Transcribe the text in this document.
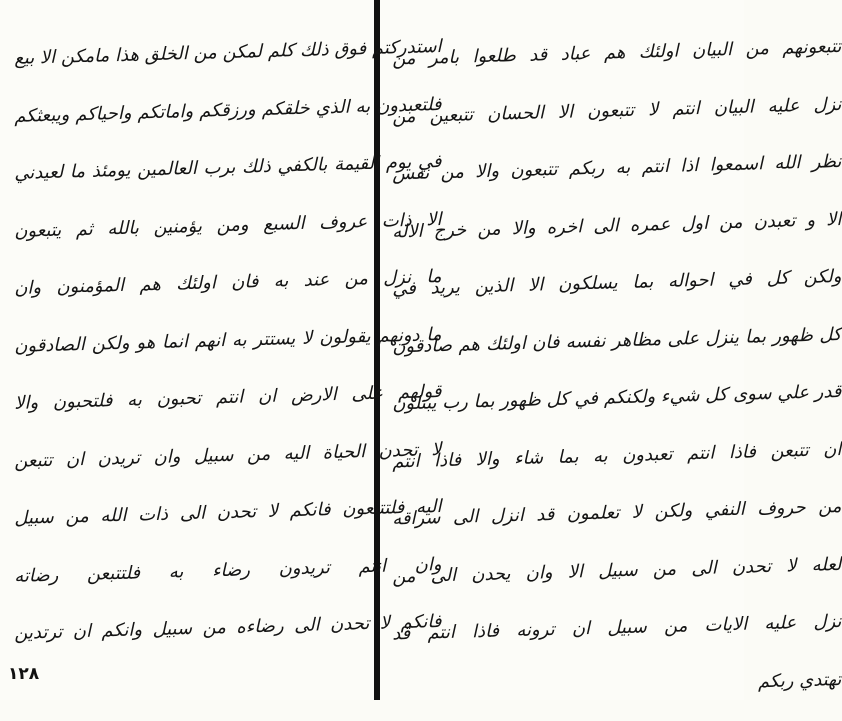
استدركتم فوق ذلك كلم لمكن من الخلق هذا مامكن الا بيع
فلتعبدون به الذي خلقكم ورزقكم واماتكم واحياكم ويبعثكم
في يوم القيمة بالكفي ذلك برب العالمين يومئذ ما لعيدني
الا ذات عروف السبع ومن يؤمنين بالله ثم يتبعون
ما نزل من عند به فان اولئك هم المؤمنون وان
ما دونهم يقولون لا يستتر به انهم انما هو ولكن الصادقون
قولهم على الارض ان انتم تحبون به فلتحبون والا
لا تحدن الحياة اليه من سبيل وان تريدن ان تتبعن
اليه فلتتبعون فانكم لا تحدن الى ذات الله من سبيل
وان انتم تريدون رضاء به فلتتبعن رضاته
فانكم لا تحدن الى رضاءه من سبيل وانكم ان ترتدين
تتبعونهم من البيان اولئك هم عباد قد طلعوا بامر من
نزل عليه البيان انتم لا تتبعون الا الحسان تتبعين من
نظر الله اسمعوا اذا انتم به ربكم تتبعون والا من نفس
الا و تعبدن من اول عمره الى اخره والا من خرج الاله
ولكن كل في احواله بما يسلكون الا الذين يريد في
كل ظهور بما ينزل على مظاهر نفسه فان اولئك هم صادقون
قدر علي سوى كل شيء ولكنكم في كل ظهور بما رب يبتلون
ان تتبعن فاذا انتم تعبدون به بما شاء والا فاذا انتم
من حروف النفي ولكن لا تعلمون قد انزل الى سراقه
لعله لا تحدن الى من سبيل الا وان يحدن الى من
نزل عليه الايات من سبيل ان ترونه فاذا انتم قد
تهتدي ربكم
١٢٨
